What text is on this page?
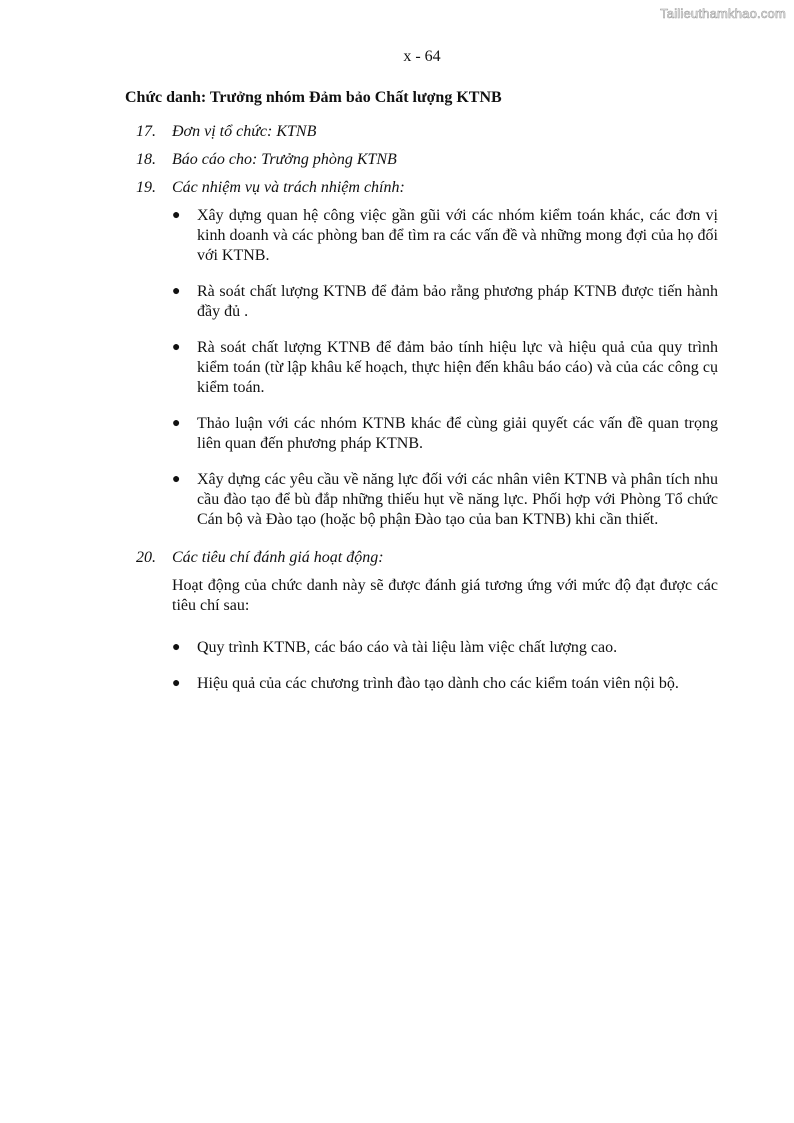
Tailieuthamkhao.com
x - 64
Chức danh: Trưởng nhóm Đảm bảo Chất lượng KTNB
17.	Đơn vị tổ chức: KTNB
18.	Báo cáo cho: Trưởng phòng KTNB
19.	Các nhiệm vụ và trách nhiệm chính:
●	Xây dựng quan hệ công việc gần gũi với các nhóm kiểm toán khác, các đơn vị kinh doanh và các phòng ban để tìm ra các vấn đề và những mong đợi của họ đối với KTNB.
●	Rà soát chất lượng KTNB để đảm bảo rằng phương pháp KTNB được tiến hành đầy đủ .
●	Rà soát chất lượng KTNB để đảm bảo tính hiệu lực và hiệu quả của quy trình kiểm toán (từ lập khâu kế hoạch, thực hiện đến khâu báo cáo) và của các công cụ kiểm toán.
●	Thảo luận với các nhóm KTNB khác để cùng giải quyết các vấn đề quan trọng liên quan đến phương pháp KTNB.
●	Xây dựng các yêu cầu về năng lực đối với các nhân viên KTNB và phân tích nhu cầu đào tạo để bù đắp những thiếu hụt về năng lực. Phối hợp với Phòng Tổ chức Cán bộ và Đào tạo (hoặc bộ phận Đào tạo của ban KTNB) khi cần thiết.
20.	Các tiêu chí đánh giá hoạt động:
Hoạt động của chức danh này sẽ được đánh giá tương ứng với mức độ đạt được các tiêu chí sau:
●	Quy trình KTNB, các báo cáo và tài liệu làm việc chất lượng cao.
●	Hiệu quả của các chương trình đào tạo dành cho các kiểm toán viên nội bộ.
